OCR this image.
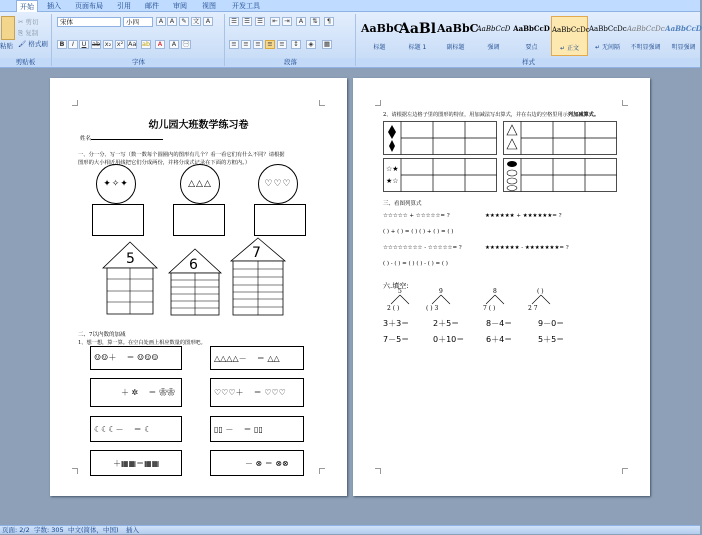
开始	插入	页面布局	引用	邮件	审阅	视图	开发工具
粘贴
✂ 剪切
⎘ 复制
🖌 格式刷
剪贴板
宋体	小四	A	A	✎ 文	A
B	I	U ab x₂ x² Aa ab	A	A	㊀
字体
☰	☰	☰	⇤	⇥	A	⇅	¶
≡	≡	≡	≡	≡	↕	◈	▦
段落
AaBbC
标题
AaBl
标题 1
AaBbC
副标题
AaBbCcD
强调
AaBbCcD
要点
AaBbCcDc
↵ 正文
AaBbCcDc
↵ 无间隔
AaBbCcDc
不明显强调
AaBbCcD
明显强调
样式
幼儿园大班数学练习卷
姓名
一、分一分、写一写（数一数每个圆圈内的图形有几个？看一看它们有什么不同？请根据
图形的大小相近用线把它们分成两份，并将分成式记录在下面的方框内。）
✦✧✦	△△△	♡♡♡
5	6
7
二、7以内数的加减
1、想一想，算一算。在空白处画上相应数量的图形吧。
☺☺＋    ＝ ☺☺☺	△△△△－    ＝ △△
＋ ✲    ＝ ❀❀	♡♡♡＋    ＝ ♡♡♡
☾☾☾－    ＝ ☾	▯▯ －    ＝ ▯▯
＋▦▦＝▦▦	－ ⊗ ＝ ⊗⊗
2、请根据左边格子里的图形的特征，用加减法写出算式，并在右边的空格里用示列加减算式。
☆★
★☆
三、看图列算式
☆☆☆☆☆ + ☆☆☆☆☆= ?	★★★★★★ + ★★★★★★= ?
( ) + ( ) = ( ) ( ) + ( ) = ( )
☆☆☆☆☆☆☆☆ - ☆☆☆☆☆= ?	★★★★★★★ - ★★★★★★★= ?
( ) - ( ) = ( ) ( ) - ( ) = ( )
六.填空:
5
2 ( )
9
( ) 3
8
7 ( )
( )
2 7
3＋3＝	2＋5＝	8－4＝	9－0＝
7－5＝	0＋10＝	6＋4＝	5＋5＝
页面: 2/2 字数: 305 中文(简体，中国) 插入
